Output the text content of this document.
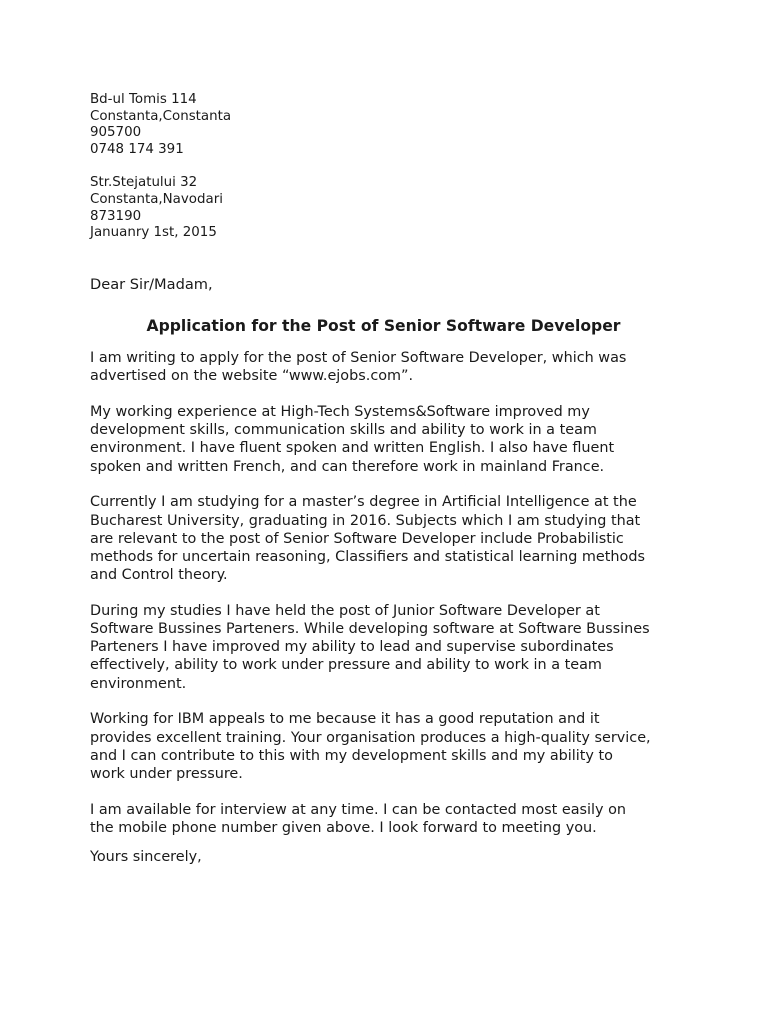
Bd-ul Tomis 114
Constanta,Constanta
905700
0748 174 391
Str.Stejatului 32
Constanta,Navodari
873190
Januanry 1st, 2015
Dear Sir/Madam,
Application for the Post of Senior Software Developer

I am writing to apply for the post of Senior Software Developer, which was
advertised on the website “www.ejobs.com”.

My working experience at High-Tech Systems&Software improved my
development skills, communication skills and ability to work in a team
environment. I have fluent spoken and written English. I also have fluent
spoken and written French, and can therefore work in mainland France.

Currently I am studying for a master’s degree in Artificial Intelligence at the
Bucharest University, graduating in 2016. Subjects which I am studying that
are relevant to the post of Senior Software Developer include Probabilistic
methods for uncertain reasoning, Classifiers and statistical learning methods
and Control theory.

During my studies I have held the post of Junior Software Developer at
Software Bussines Parteners. While developing software at Software Bussines
Parteners I have improved my ability to lead and supervise subordinates
effectively, ability to work under pressure and ability to work in a team
environment.

Working for IBM appeals to me because it has a good reputation and it
provides excellent training. Your organisation produces a high-quality service,
and I can contribute to this with my development skills and my ability to
work under pressure.

I am available for interview at any time. I can be contacted most easily on
the mobile phone number given above. I look forward to meeting you.

Yours sincerely,
